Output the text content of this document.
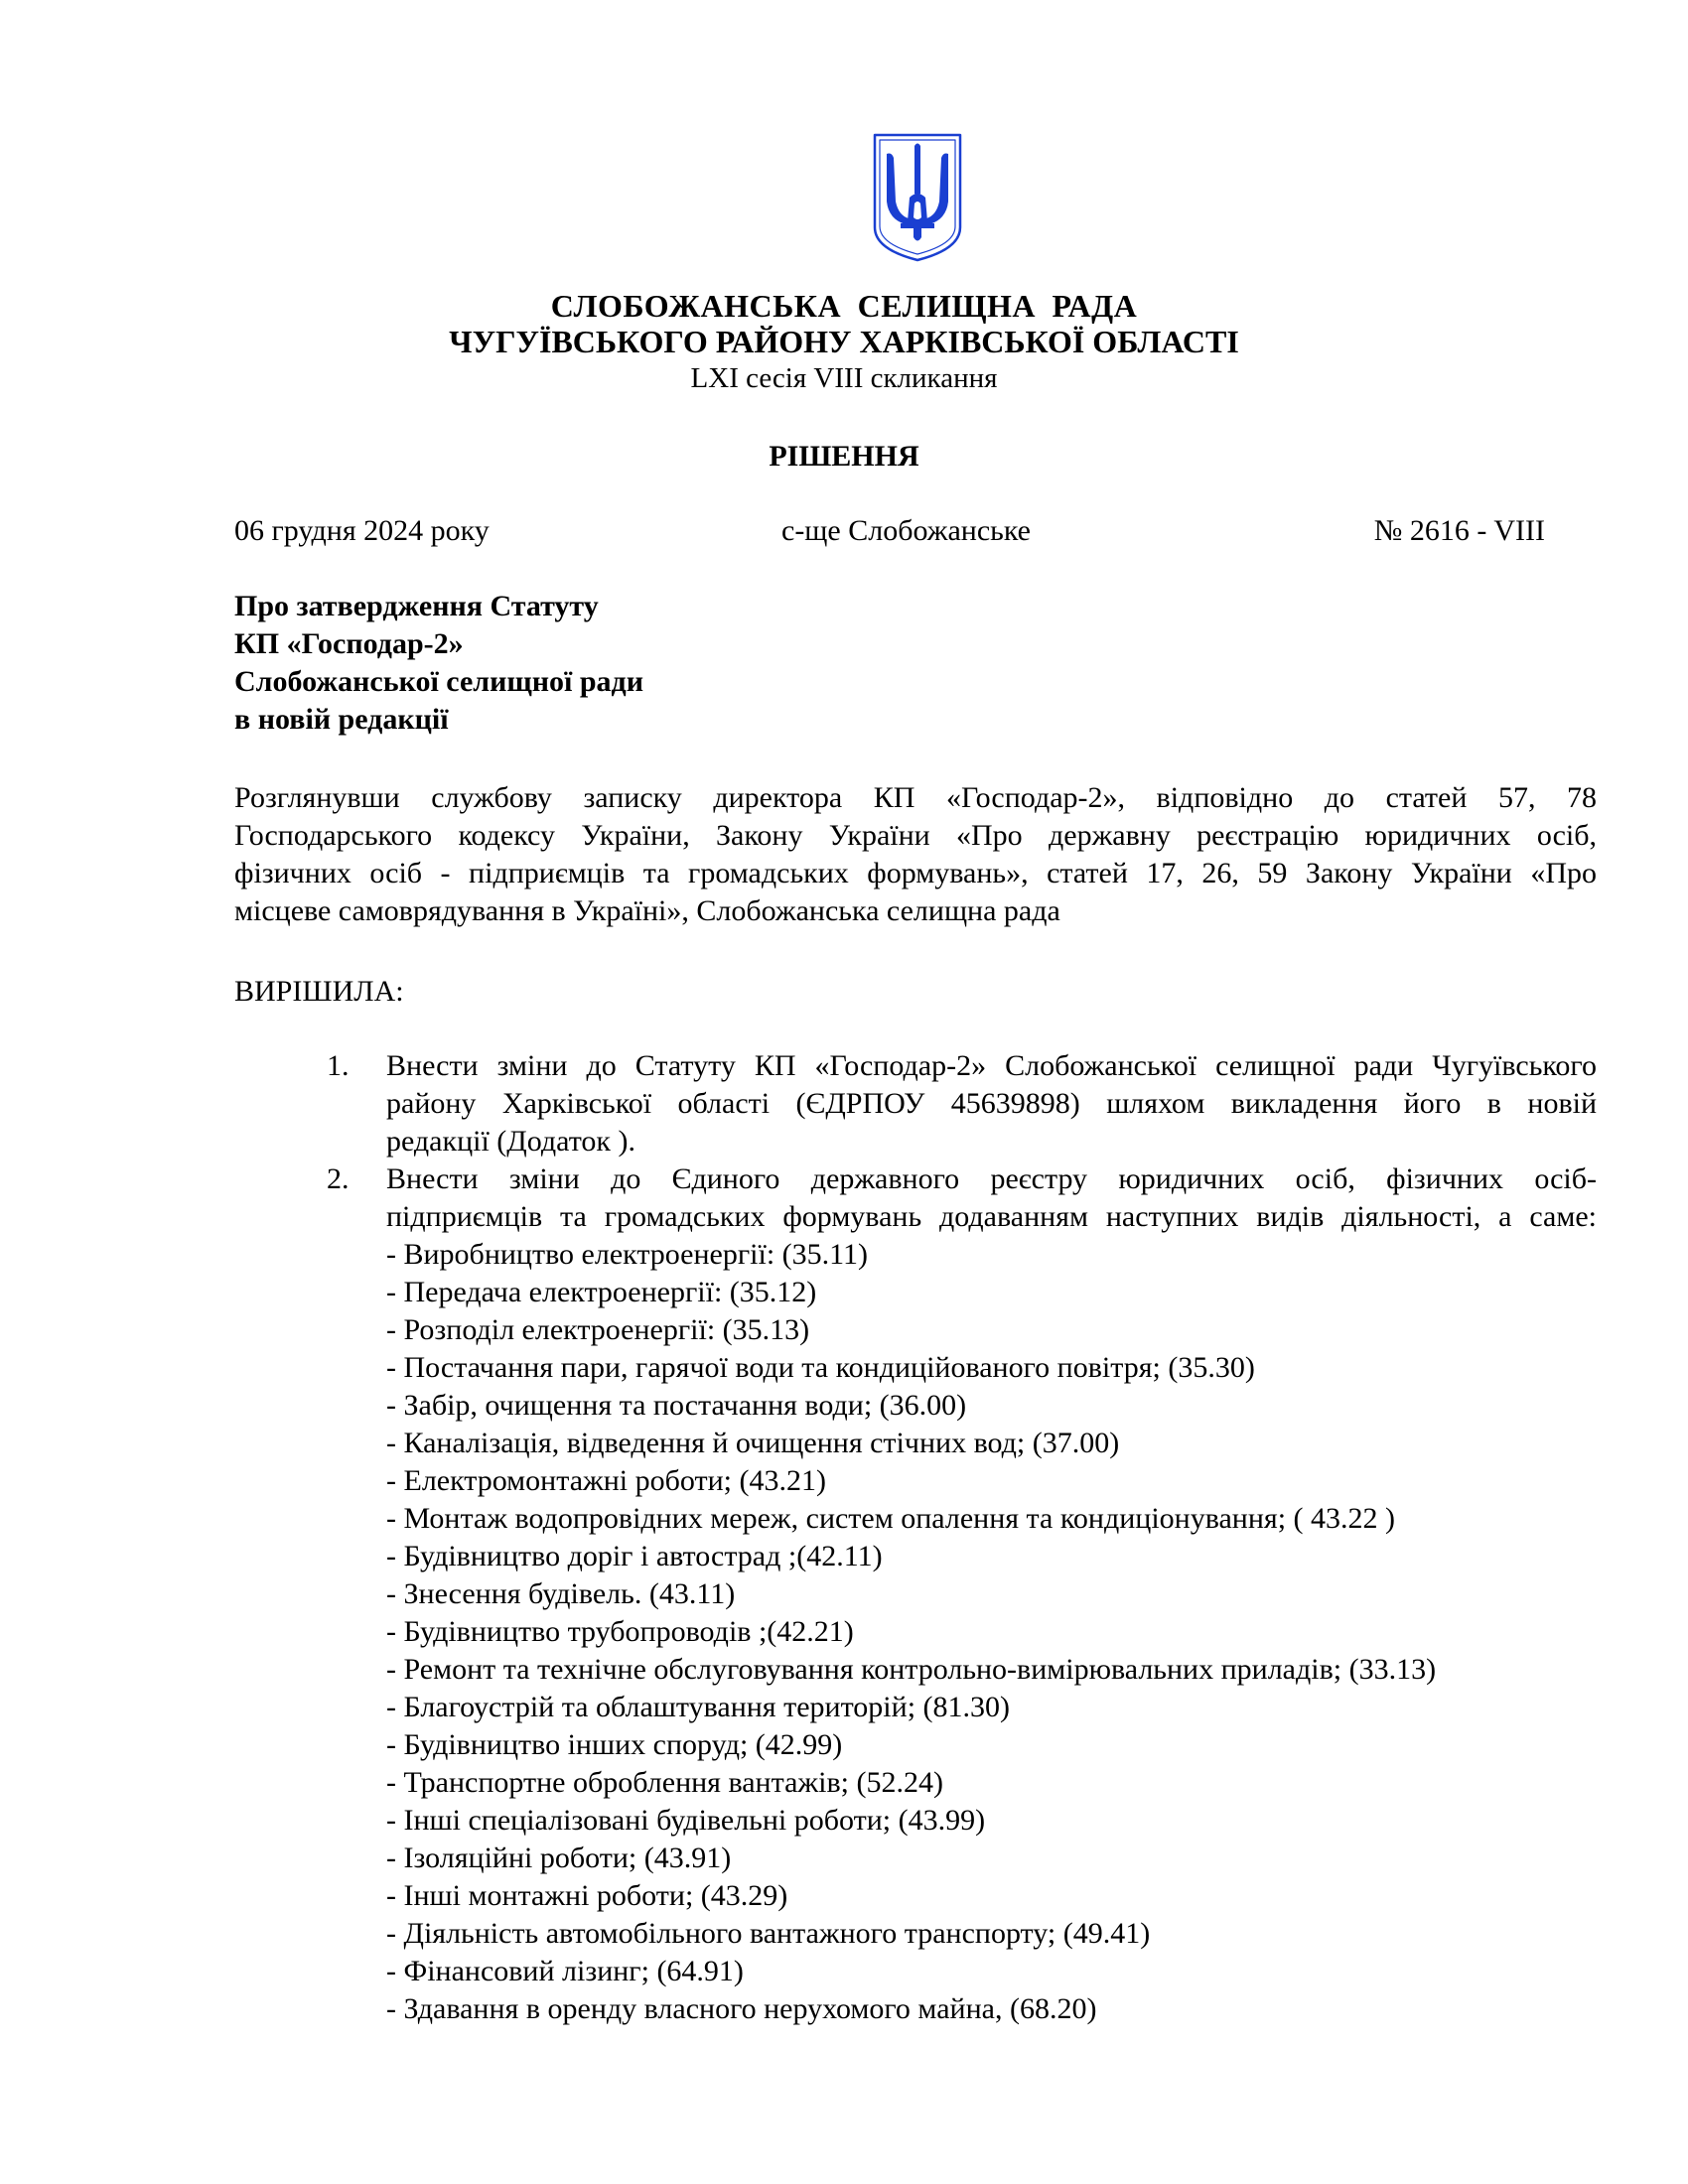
СЛОБОЖАНСЬКА СЕЛИЩНА РАДА
ЧУГУЇВСЬКОГО РАЙОНУ ХАРКІВСЬКОЇ ОБЛАСТІ
LXI сесія VIII скликання
РІШЕННЯ
06 грудня 2024 року	с-ще Слобожанське	№ 2616 - VIII
Про затвердження Статуту
КП «Господар-2»
Слобожанської селищної ради
в новій редакції
Розглянувши службову записку директора КП «Господар-2», відповідно до статей 57, 78
Господарського кодексу України, Закону України «Про державну реєстрацію юридичних осіб,
фізичних осіб - підприємців та громадських формувань», статей 17, 26, 59 Закону України «Про
місцеве самоврядування в Україні», Слобожанська селищна рада
ВИРІШИЛА:
1. Внести зміни до Статуту КП «Господар-2» Слобожанської селищної ради Чугуївського
району Харківської області (ЄДРПОУ 45639898) шляхом викладення його в новій
редакції (Додаток ).
2. Внести зміни до Єдиного державного реєстру юридичних осіб, фізичних осіб-
підприємців та громадських формувань додаванням наступних видів діяльності, а саме:
- Виробництво електроенергії: (35.11)
- Передача електроенергії: (35.12)
- Розподіл електроенергії: (35.13)
- Постачання пари, гарячої води та кондиційованого повітря; (35.30)
- Забір, очищення та постачання води; (36.00)
- Каналізація, відведення й очищення стічних вод; (37.00)
- Електромонтажні роботи; (43.21)
- Монтаж водопровідних мереж, систем опалення та кондиціонування; ( 43.22 )
- Будівництво доріг і автострад ;(42.11)
- Знесення будівель. (43.11)
- Будівництво трубопроводів ;(42.21)
- Ремонт та технічне обслуговування контрольно-вимірювальних приладів; (33.13)
- Благоустрій та облаштування територій; (81.30)
- Будівництво інших споруд; (42.99)
- Транспортне оброблення вантажів; (52.24)
- Інші спеціалізовані будівельні роботи; (43.99)
- Ізоляційні роботи; (43.91)
- Інші монтажні роботи; (43.29)
- Діяльність автомобільного вантажного транспорту; (49.41)
- Фінансовий лізинг; (64.91)
- Здавання в оренду власного нерухомого майна, (68.20)
